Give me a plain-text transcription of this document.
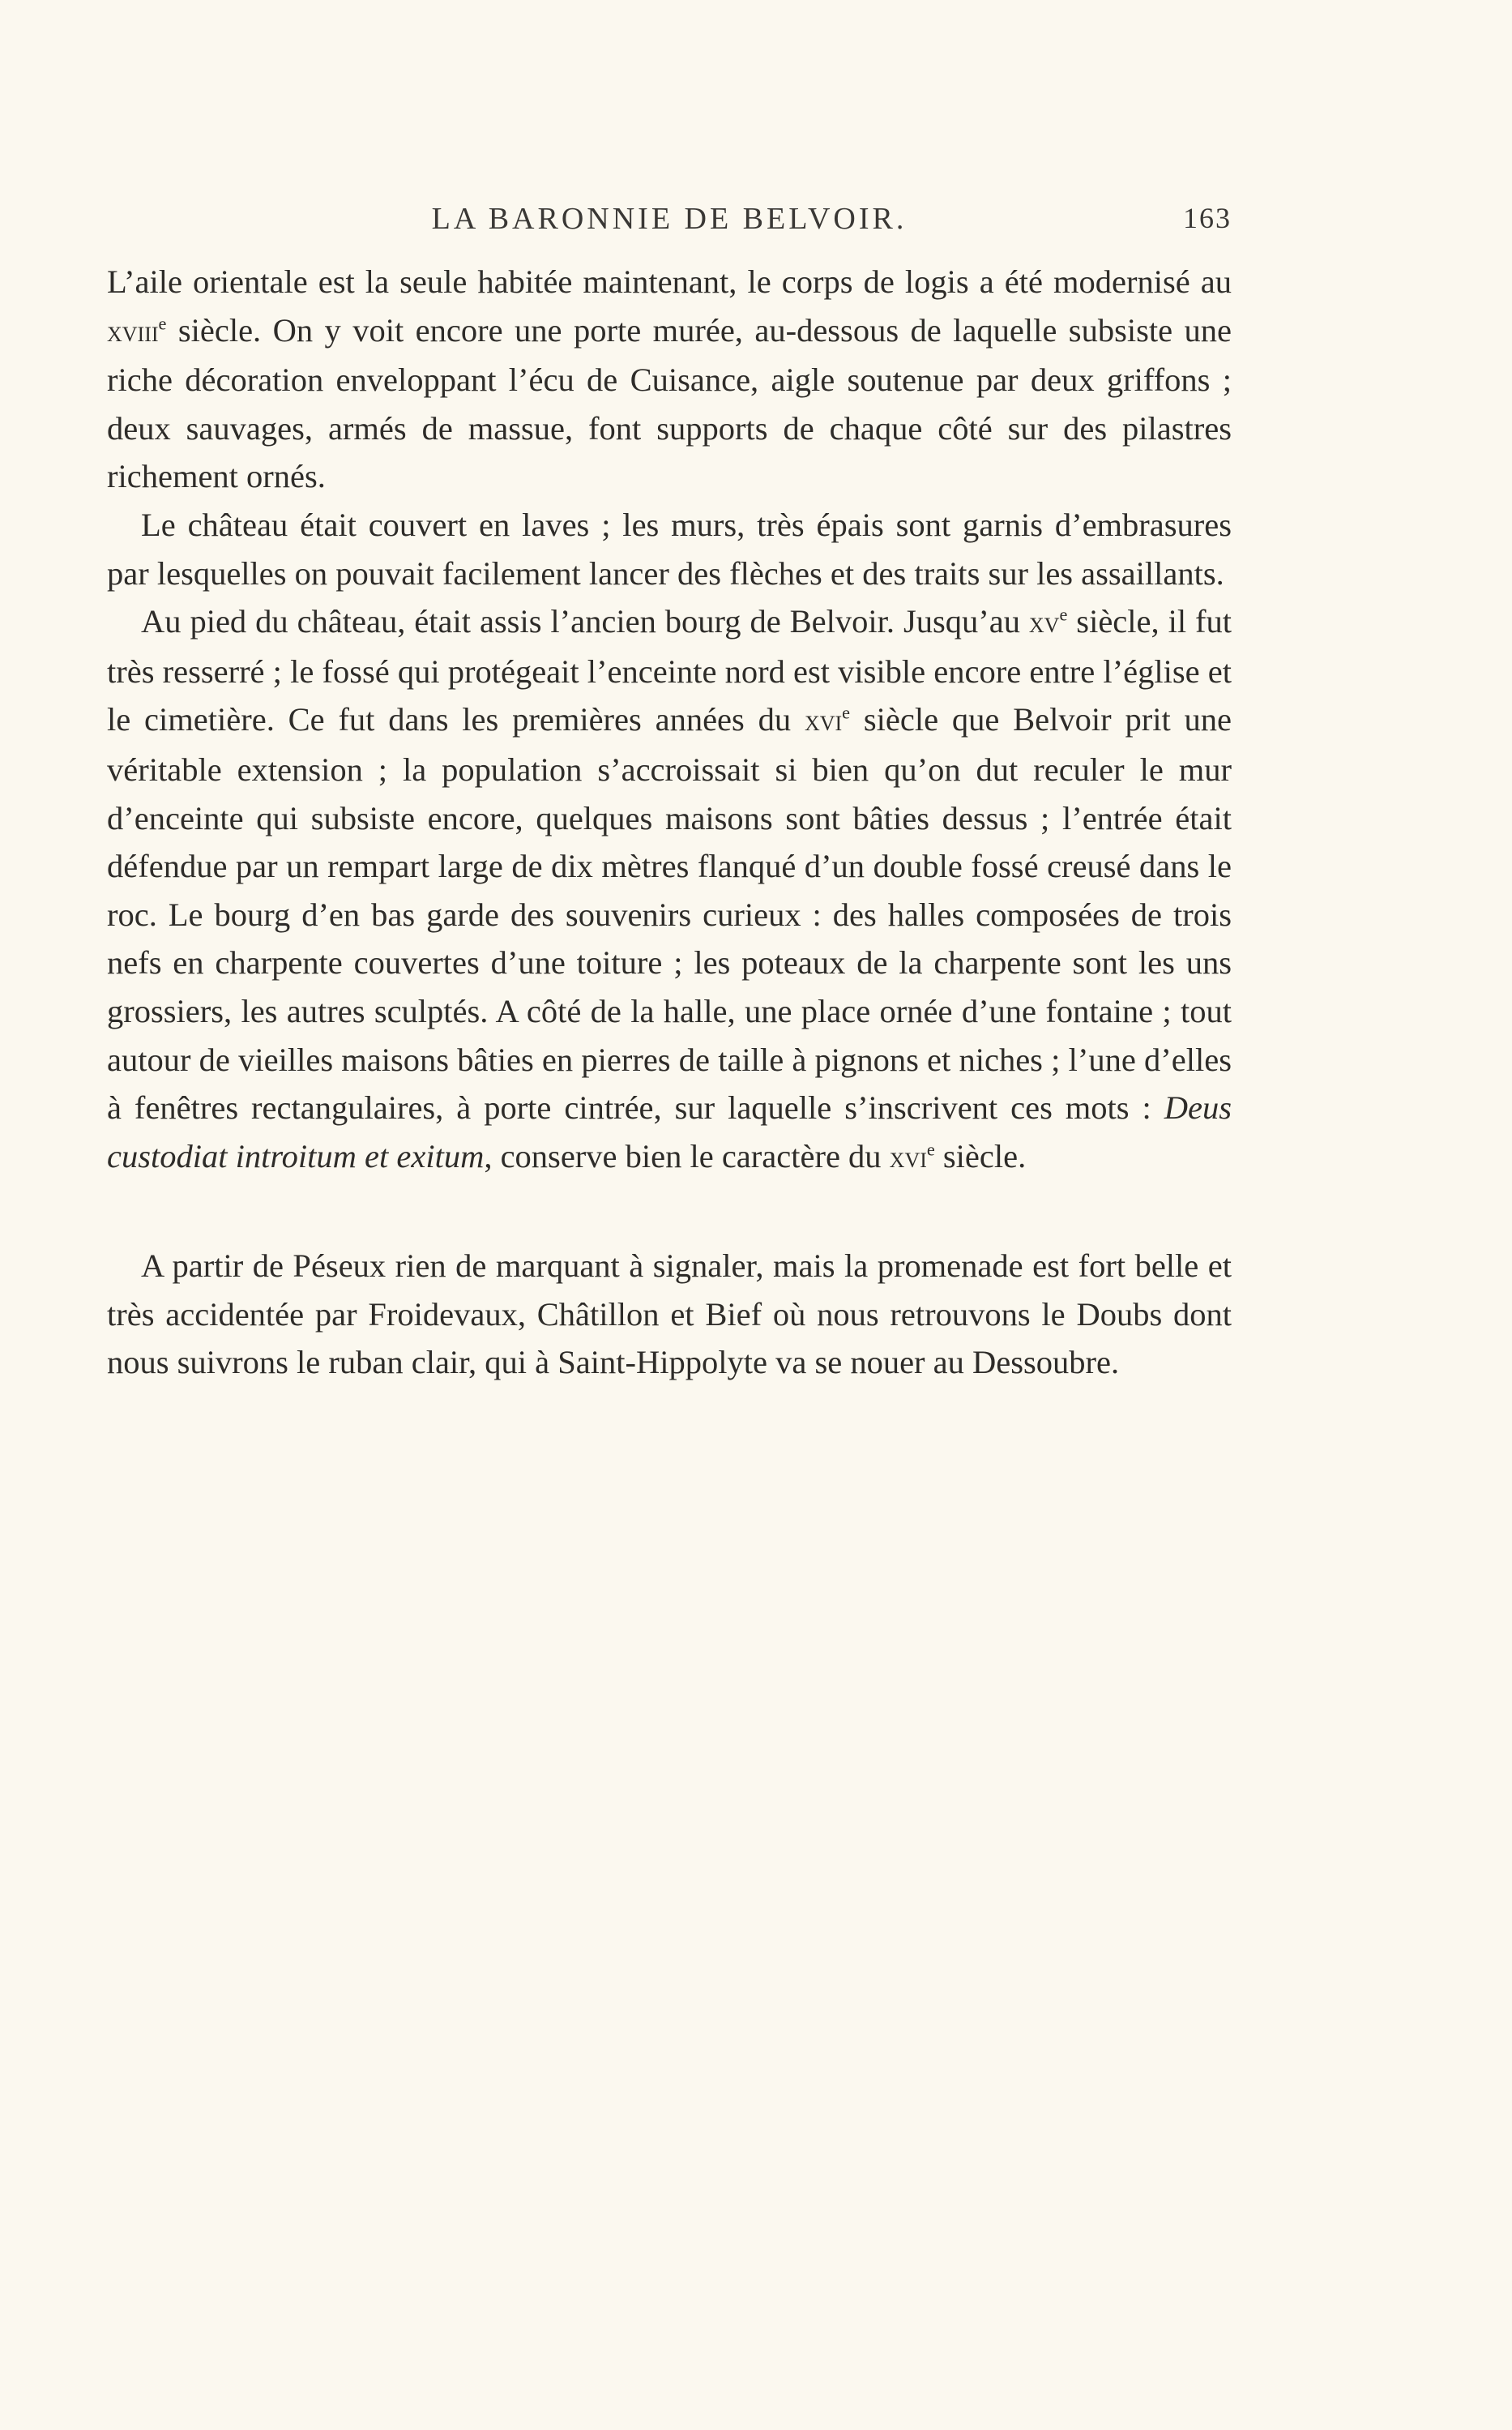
LA BARONNIE DE BELVOIR.	163

L’aile orientale est la seule habitée maintenant, le corps de logis a été modernisé au xviii$^e$ siècle. On y voit encore une porte murée, au-dessous de laquelle subsiste une riche décoration enveloppant l’écu de Cuisance, aigle soutenue par deux griffons ; deux sauvages, armés de massue, font supports de chaque côté sur des pilastres richement ornés.

Le château était couvert en laves ; les murs, très épais sont garnis d’embrasures par lesquelles on pouvait facilement lancer des flèches et des traits sur les assaillants.

Au pied du château, était assis l’ancien bourg de Belvoir. Jusqu’au $xv^e$ siècle, il fut très resserré ; le fossé qui protégeait l’enceinte nord est visible encore entre l’église et le cimetière. Ce fut dans les premières années du xvi$^e$ siècle que Belvoir prit une véritable extension ; la population s’accroissait si bien qu’on dut reculer le mur d’enceinte qui subsiste encore, quelques maisons sont bâties dessus ; l’entrée était défendue par un rempart large de dix mètres flanqué d’un double fossé creusé dans le roc. Le bourg d’en bas garde des souvenirs curieux : des halles composées de trois nefs en charpente couvertes d’une toiture ; les poteaux de la charpente sont les uns grossiers, les autres sculptés. A côté de la halle, une place ornée d’une fontaine ; tout autour de vieilles maisons bâties en pierres de taille à pignons et niches ; l’une d’elles à fenêtres rectangulaires, à porte cintrée, sur laquelle s’inscrivent ces mots : Deus custodiat introitum et exitum, conserve bien le caractère du xvi$^e$ siècle.

A partir de Péseux rien de marquant à signaler, mais la promenade est fort belle et très accidentée par Froidevaux, Châtillon et Bief où nous retrouvons le Doubs dont nous suivrons le ruban clair, qui à Saint-Hippolyte va se nouer au Dessoubre.
